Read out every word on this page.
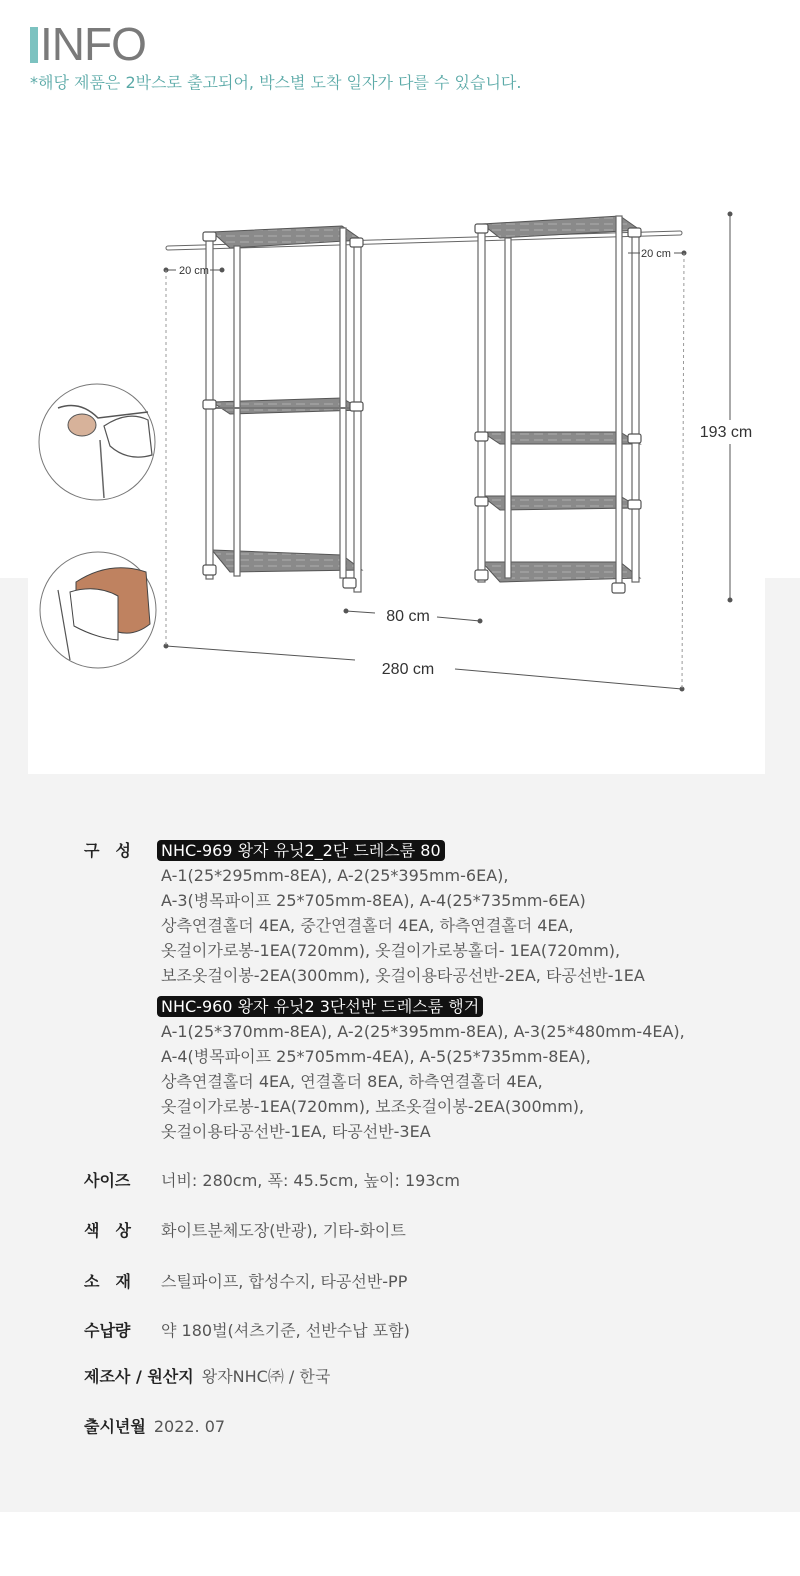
INFO

*해당 제품은 2박스로 출고되어, 박스별 도착 일자가 다를 수 있습니다.

20 cm
20 cm
193 cm
80 cm
280 cm
구　성 NHC-969 왕자 유닛2_2단 드레스룸 80
A-1(25*295mm-8EA), A-2(25*395mm-6EA),
A-3(병목파이프 25*705mm-8EA), A-4(25*735mm-6EA)
상측연결홀더 4EA, 중간연결홀더 4EA, 하측연결홀더 4EA,
옷걸이가로봉-1EA(720mm), 옷걸이가로봉홀더- 1EA(720mm),
보조옷걸이봉-2EA(300mm), 옷걸이용타공선반-2EA, 타공선반-1EA
NHC-960 왕자 유닛2 3단선반 드레스룸 행거
A-1(25*370mm-8EA), A-2(25*395mm-8EA), A-3(25*480mm-4EA),
A-4(병목파이프 25*705mm-4EA), A-5(25*735mm-8EA),
상측연결홀더 4EA, 연결홀더 8EA, 하측연결홀더 4EA,
옷걸이가로봉-1EA(720mm), 보조옷걸이봉-2EA(300mm),
옷걸이용타공선반-1EA, 타공선반-3EA
사이즈 너비: 280cm, 폭: 45.5cm, 높이: 193cm
색　상 화이트분체도장(반광), 기타-화이트
소　재 스틸파이프, 합성수지, 타공선반-PP
수납량 약 180벌(셔츠기준, 선반수납 포함)
제조사 / 원산지 왕자NHC㈜ / 한국
출시년월 2022. 07
